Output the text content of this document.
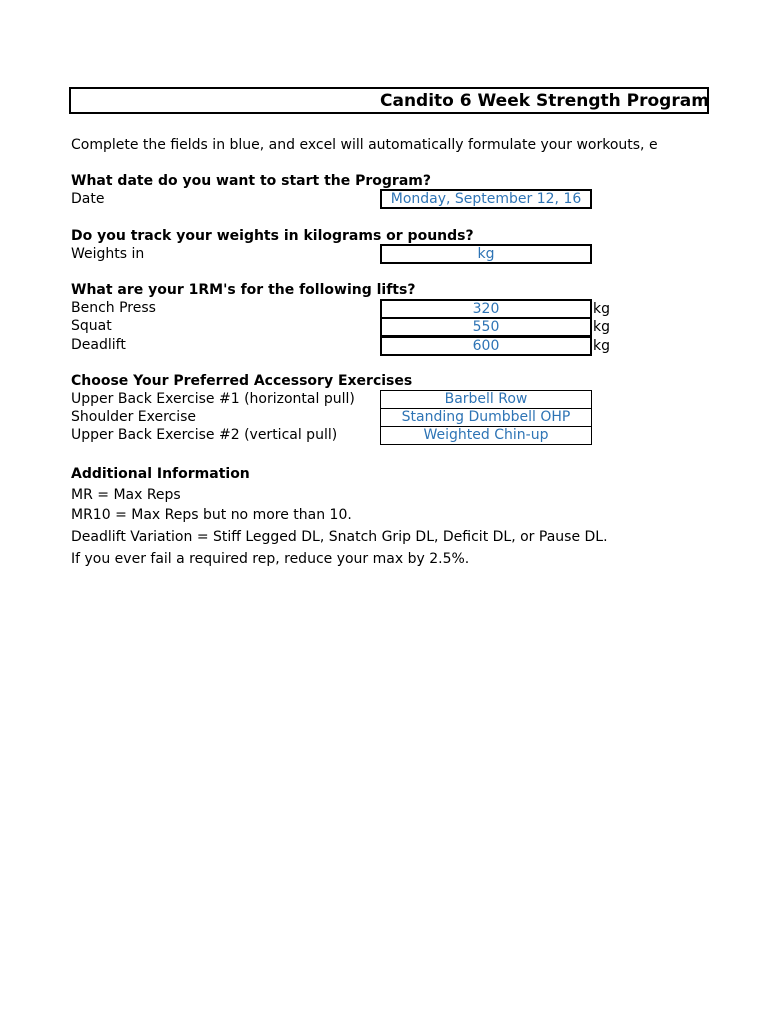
Candito 6 Week Strength Program
Complete the fields in blue, and excel will automatically formulate your workouts, e
What date do you want to start the Program?
Date	Monday, September 12, 16
Do you track your weights in kilograms or pounds?
Weights in	kg
What are your 1RM's for the following lifts?
Bench Press	320	kg
Squat	550	kg
Deadlift	600	kg
Choose Your Preferred Accessory Exercises
Upper Back Exercise #1 (horizontal pull)	Barbell Row
Shoulder Exercise	Standing Dumbbell OHP
Upper Back Exercise #2 (vertical pull)	Weighted Chin-up
Additional Information
MR = Max Reps
MR10 = Max Reps but no more than 10.
Deadlift Variation = Stiff Legged DL, Snatch Grip DL, Deficit DL, or Pause DL.
If you ever fail a required rep, reduce your max by 2.5%.
